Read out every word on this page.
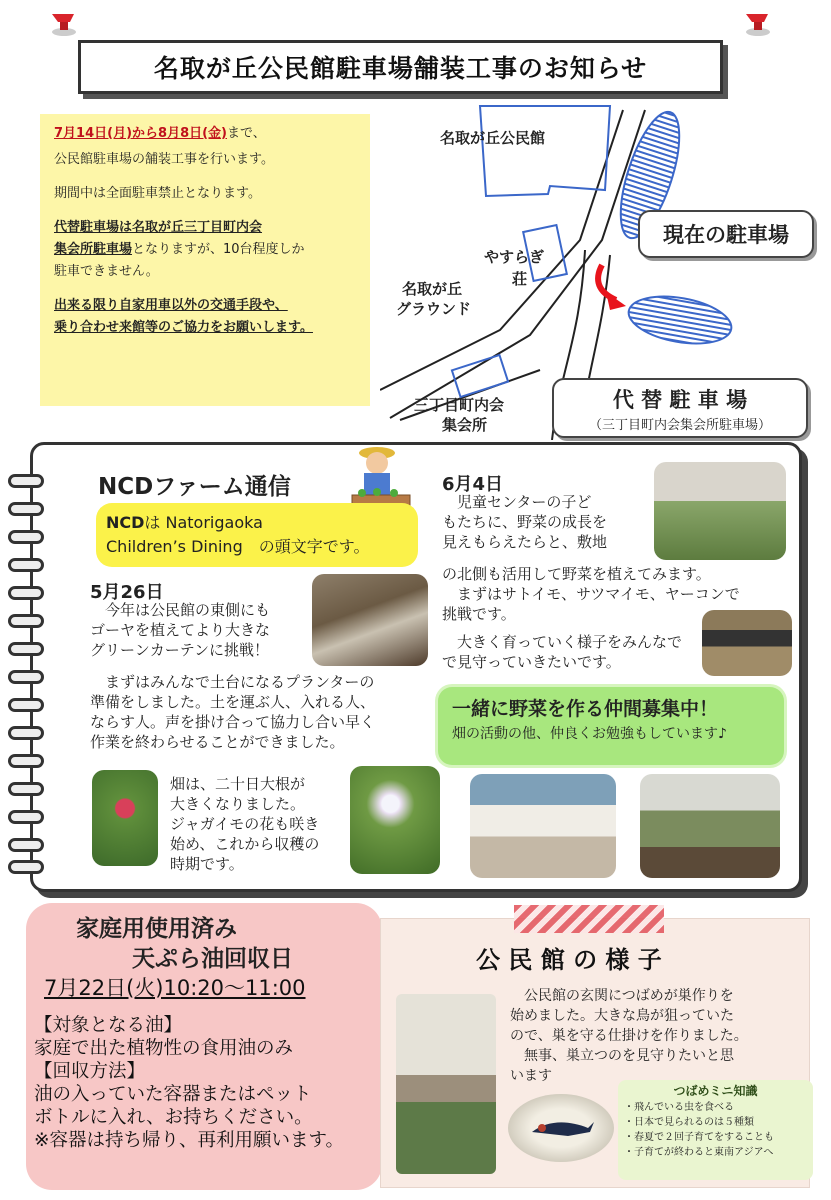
名取が丘公民館駐車場舗装工事のお知らせ

7月14日(月)から8月8日(金)まで、

公民館駐車場の舗装工事を行います。

期間中は全面駐車禁止となります。

代替駐車場は名取が丘三丁目町内会

集会所駐車場となりますが、10台程度しか

駐車できません。

出来る限り自家用車以外の交通手段や、

乗り合わせ来館等のご協力をお願いします。

名取が丘公民館
やすらぎ
荘
名取が丘
グラウンド
三丁目町内会
集会所
現在の駐車場
代 替 駐 車 場
（三丁目町内会集会所駐車場）
NCDファーム通信
NCDは Natorigaoka
Children’s Dining　の頭文字です。
5月26日
　今年は公民館の東側にも
ゴーヤを植えてより大きな
グリーンカーテンに挑戦！
　まずはみんなで土台になるプランターの
準備をしました。土を運ぶ人、入れる人、
ならす人。声を掛け合って協力し合い早く
作業を終わらせることができました。
畑は、二十日大根が
大きくなりました。
ジャガイモの花も咲き
始め、これから収穫の
時期です。
6月4日
　児童センターの子ど
もたちに、野菜の成長を
見えもらえたらと、敷地
の北側も活用して野菜を植えてみます。
　まずはサトイモ、サツマイモ、ヤーコンで
挑戦です。
　大きく育っていく様子をみんなで
で見守っていきたいです。
一緒に野菜を作る仲間募集中！
畑の活動の他、仲良くお勉強もしています♪
家庭用使用済み
天ぷら油回収日
7月22日(火)10:20～11:00
【対象となる油】
家庭で出た植物性の食用油のみ
【回収方法】
油の入っていた容器またはペット
ボトルに入れ、お持ちください。
※容器は持ち帰り、再利用願います。
公 民 館 の 様 子
公民館の玄関につばめが巣作りを
始めました。大きな鳥が狙っていた
ので、巣を守る仕掛けを作りました。
　無事、巣立つのを見守りたいと思
います
つばめミニ知識
・飛んでいる虫を食べる
・日本で見られるのは５種類
・春夏で２回子育てをすることも
・子育てが終わると東南アジアへ
